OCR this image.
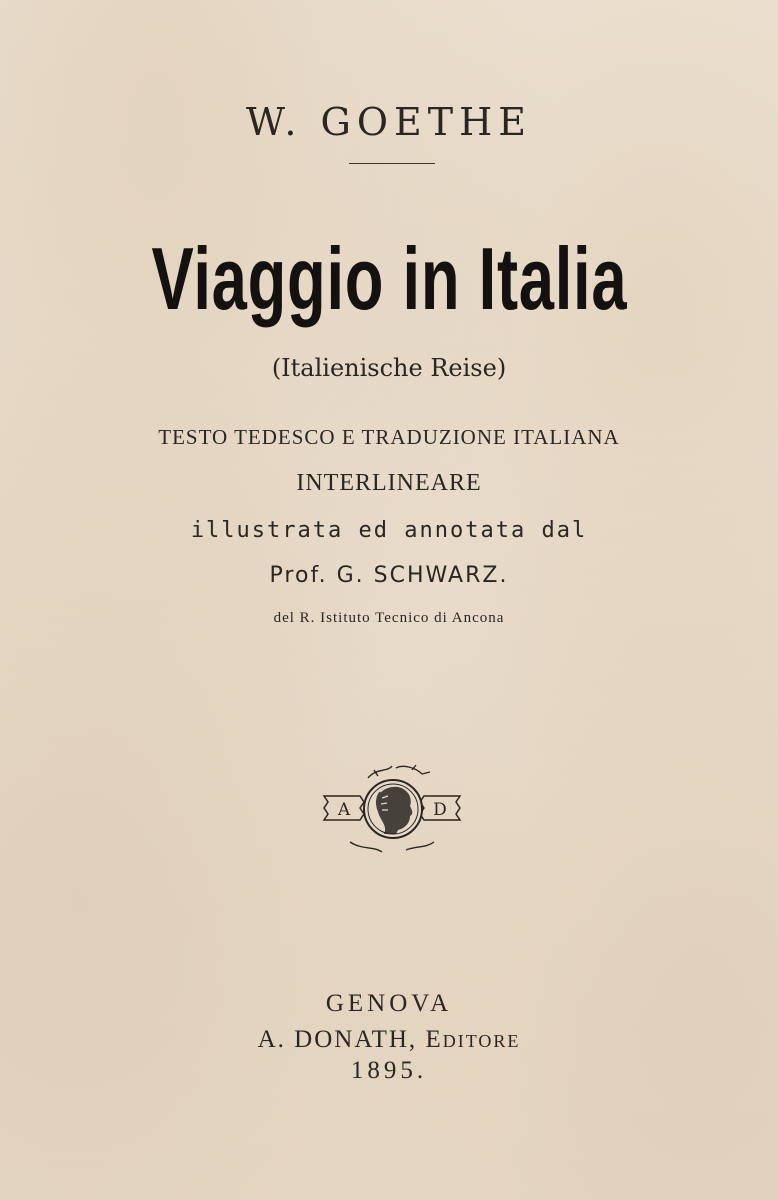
W. GOETHE
Viaggio in Italia
(Italienische Reise)
TESTO TEDESCO E TRADUZIONE ITALIANA
INTERLINEARE
illustrata ed annotata dal
Prof. G. SCHWARZ.
del R. Istituto Tecnico di Ancona
A	D
GENOVA
A. DONATH, Editore
1895.
